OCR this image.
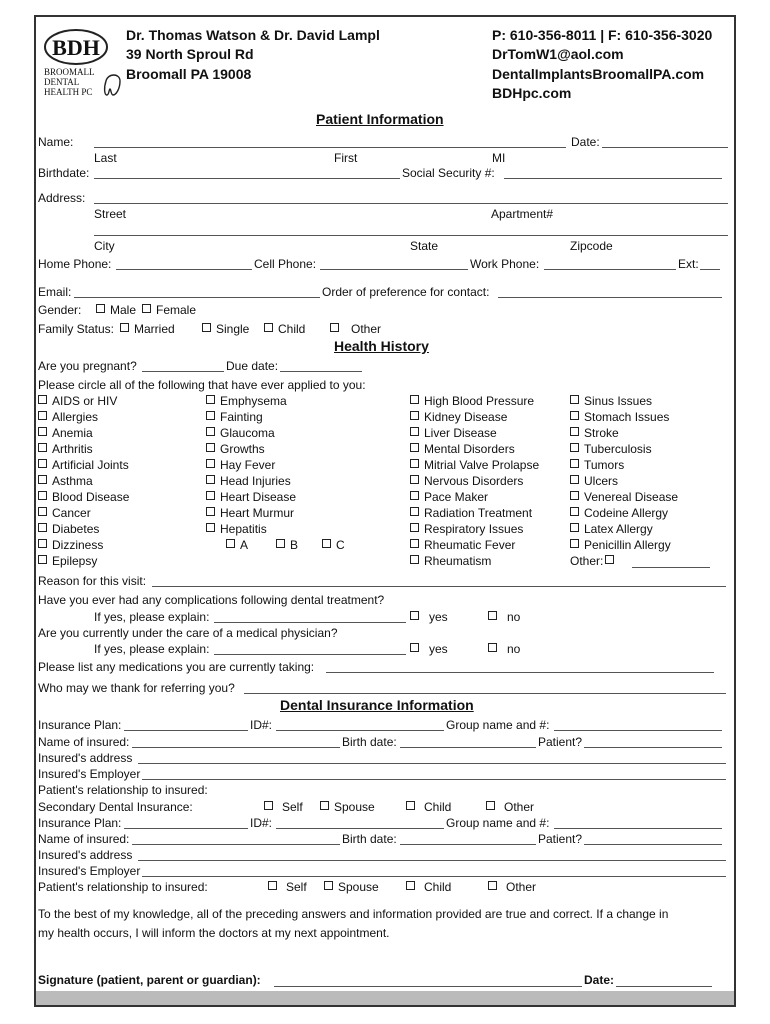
BDH
BROOMALL
DENTAL
HEALTH PC
Dr. Thomas Watson & Dr. David Lampl
39 North Sproul Rd
Broomall PA 19008
P: 610-356-8011 | F: 610-356-3020
DrTomW1@aol.com
DentalImplantsBroomallPA.com
BDHpc.com
Patient Information
Name:	Date:
Last	First	MI
Birthdate:	Social Security #:
Address:
Street	Apartment#
City	State	Zipcode
Home Phone:	Cell Phone:	Work Phone:	Ext:
Email:	Order of preference for contact:
Gender:	Male	Female
Family Status:	Married	Single	Child	Other
Health History
Are you pregnant?	Due date:
Please circle all of the following that have ever applied to you:
AIDS or HIV
Allergies
Anemia
Arthritis
Artificial Joints
Asthma
Blood Disease
Cancer
Diabetes
Dizziness
Epilepsy
Emphysema
Fainting
Glaucoma
Growths
Hay Fever
Head Injuries
Heart Disease
Heart Murmur
Hepatitis
High Blood Pressure
Kidney Disease
Liver Disease
Mental Disorders
Mitrial Valve Prolapse
Nervous Disorders
Pace Maker
Radiation Treatment
Respiratory Issues
Rheumatic Fever
Rheumatism
Sinus Issues
Stomach Issues
Stroke
Tuberculosis
Tumors
Ulcers
Venereal Disease
Codeine Allergy
Latex Allergy
Penicillin Allergy
A	B	C
Other:
Reason for this visit:
Have you ever had any complications following dental treatment?
If yes, please explain:	yes	no
Are you currently under the care of a medical physician?
If yes, please explain:	yes	no
Please list any medications you are currently taking:
Who may we thank for referring you?
Dental Insurance Information
Insurance Plan:	ID#:	Group name and #:
Name of insured:	Birth date:	Patient?
Insured's address
Insured's Employer
Patient's relationship to insured:
Secondary Dental Insurance:	Self	Spouse	Child	Other
Insurance Plan:	ID#:	Group name and #:
Name of insured:	Birth date:	Patient?
Insured's address
Insured's Employer
Patient's relationship to insured:	Self	Spouse	Child	Other
To the best of my knowledge, all of the preceding answers and information provided are true and correct. If a change in
my health occurs, I will inform the doctors at my next appointment.
Signature (patient, parent or guardian):	Date:
